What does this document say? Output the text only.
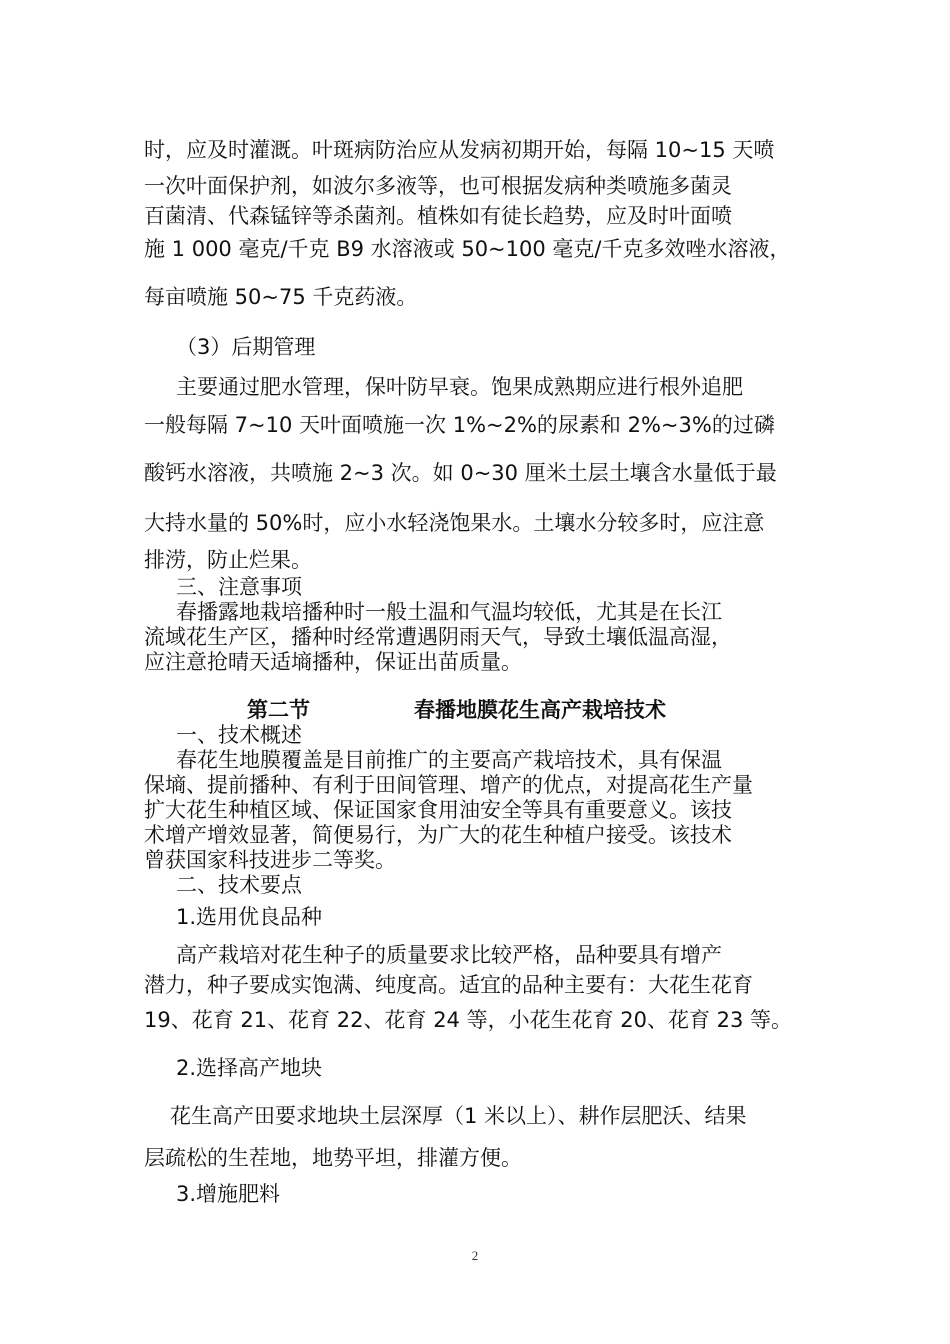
时，应及时灌溉。叶斑病防治应从发病初期开始，每隔 10~15 天喷

一次叶面保护剂，如波尔多液等，也可根据发病种类喷施多菌灵

百菌清、代森锰锌等杀菌剂。植株如有徒长趋势，应及时叶面喷

施 1 000 毫克/千克 B9 水溶液或 50~100 毫克/千克多效唑水溶液，

每亩喷施 50~75 千克药液。

（3）后期管理

主要通过肥水管理，保叶防早衰。饱果成熟期应进行根外追肥

一般每隔 7~10 天叶面喷施一次 1%~2%的尿素和 2%~3%的过磷

酸钙水溶液，共喷施 2~3 次。如 0~30 厘米土层土壤含水量低于最

大持水量的 50%时，应小水轻浇饱果水。土壤水分较多时，应注意

排涝，防止烂果。

三、注意事项

春播露地栽培播种时一般土温和气温均较低，尤其是在长江

流域花生产区，播种时经常遭遇阴雨天气，导致土壤低温高湿，

应注意抢晴天适墒播种，保证出苗质量。

第二节	春播地膜花生高产栽培技术

一、技术概述

春花生地膜覆盖是目前推广的主要高产栽培技术，具有保温

保墒、提前播种、有利于田间管理、增产的优点，对提高花生产量

扩大花生种植区域、保证国家食用油安全等具有重要意义。该技

术增产增效显著，简便易行，为广大的花生种植户接受。该技术

曾获国家科技进步二等奖。

二、技术要点

1.选用优良品种

高产栽培对花生种子的质量要求比较严格，品种要具有增产

潜力，种子要成实饱满、纯度高。适宜的品种主要有：大花生花育

19、花育 21、花育 22、花育 24 等，小花生花育 20、花育 23 等。

2.选择高产地块

花生高产田要求地块土层深厚（1 米以上）、耕作层肥沃、结果

层疏松的生茬地，地势平坦，排灌方便。

3.增施肥料

2
